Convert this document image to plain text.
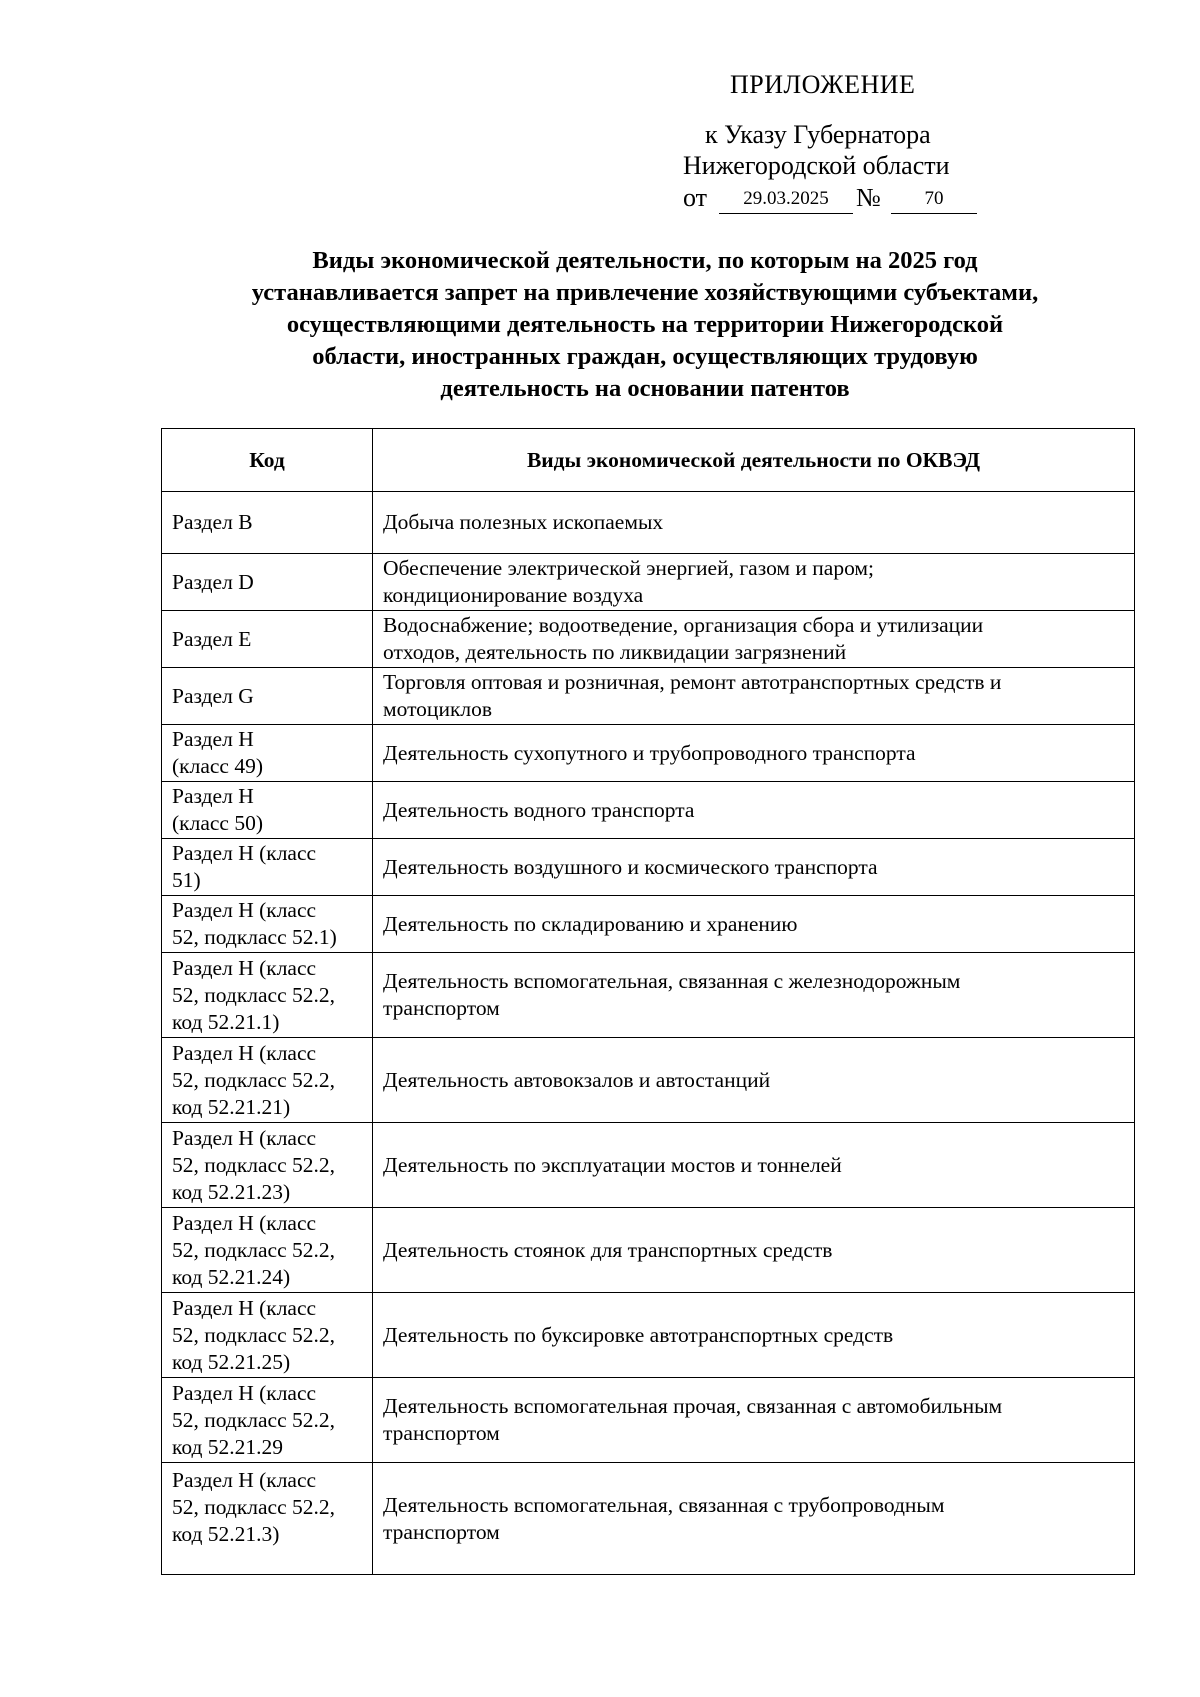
ПРИЛОЖЕНИЕ
к Указу Губернатора
Нижегородской области
от	29.03.2025	№	70
Виды экономической деятельности, по которым на 2025 год
устанавливается запрет на привлечение хозяйствующими субъектами,
осуществляющими деятельность на территории Нижегородской
области, иностранных граждан, осуществляющих трудовую
деятельность на основании патентов
Код	Виды экономической деятельности по ОКВЭД
Раздел В	Добыча полезных ископаемых
Раздел D	Обеспечение электрической энергией, газом и паром;
кондиционирование воздуха
Раздел Е	Водоснабжение; водоотведение, организация сбора и утилизации
отходов, деятельность по ликвидации загрязнений
Раздел G	Торговля оптовая и розничная, ремонт автотранспортных средств и
мотоциклов
Раздел Н
(класс 49)	Деятельность сухопутного и трубопроводного транспорта
Раздел Н
(класс 50)	Деятельность водного транспорта
Раздел Н (класс
51)	Деятельность воздушного и космического транспорта
Раздел Н (класс
52, подкласс 52.1)	Деятельность по складированию и хранению
Раздел Н (класс
52, подкласс 52.2,
код 52.21.1)	Деятельность вспомогательная, связанная с железнодорожным
транспортом
Раздел Н (класс
52, подкласс 52.2,
код 52.21.21)	Деятельность автовокзалов и автостанций
Раздел Н (класс
52, подкласс 52.2,
код 52.21.23)	Деятельность по эксплуатации мостов и тоннелей
Раздел Н (класс
52, подкласс 52.2,
код 52.21.24)	Деятельность стоянок для транспортных средств
Раздел Н (класс
52, подкласс 52.2,
код 52.21.25)	Деятельность по буксировке автотранспортных средств
Раздел Н (класс
52, подкласс 52.2,
код 52.21.29	Деятельность вспомогательная прочая, связанная с автомобильным
транспортом
Раздел Н (класс
52, подкласс 52.2,
код 52.21.3)	Деятельность вспомогательная, связанная с трубопроводным
транспортом
